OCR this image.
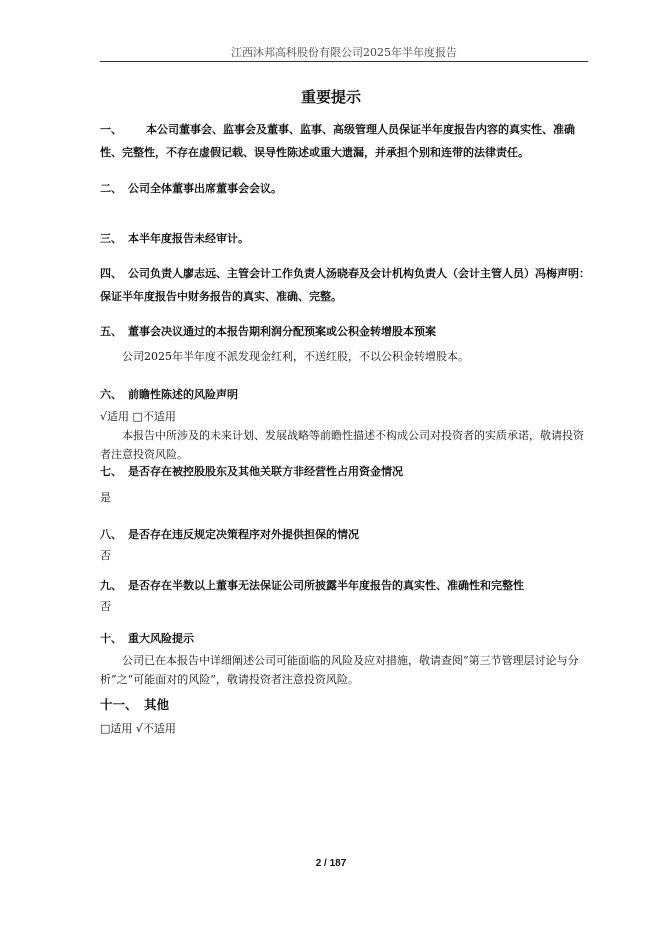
江西沐邦高科股份有限公司2025年半年度报告
重要提示
一、 本公司董事会、监事会及董事、监事、高级管理人员保证半年度报告内容的真实性、准确性、完整性，不存在虚假记载、误导性陈述或重大遗漏，并承担个别和连带的法律责任。
二、 公司全体董事出席董事会会议。
三、 本半年度报告未经审计。
四、 公司负责人廖志远、主管会计工作负责人汤晓春及会计机构负责人（会计主管人员）冯梅声明：保证半年度报告中财务报告的真实、准确、完整。
五、 董事会决议通过的本报告期利润分配预案或公积金转增股本预案
公司2025年半年度不派发现金红利，不送红股，不以公积金转增股本。
六、 前瞻性陈述的风险声明
√适用 □不适用
本报告中所涉及的未来计划、发展战略等前瞻性描述不构成公司对投资者的实质承诺，敬请投资者注意投资风险。
七、 是否存在被控股股东及其他关联方非经营性占用资金情况
是
八、 是否存在违反规定决策程序对外提供担保的情况
否
九、 是否存在半数以上董事无法保证公司所披露半年度报告的真实性、准确性和完整性
否
十、 重大风险提示
公司已在本报告中详细阐述公司可能面临的风险及应对措施，敬请查阅“第三节管理层讨论与分析”之“可能面对的风险”，敬请投资者注意投资风险。
十一、 其他
□适用 √不适用
2 / 187
